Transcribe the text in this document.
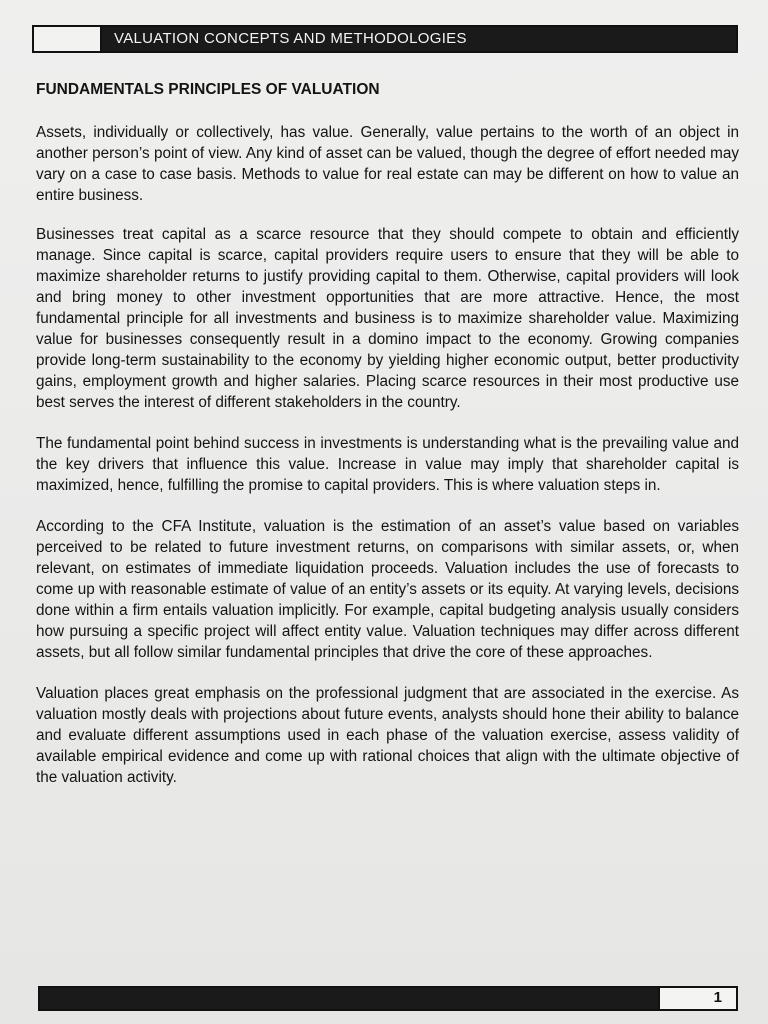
VALUATION CONCEPTS AND METHODOLOGIES
FUNDAMENTALS PRINCIPLES OF VALUATION

Assets, individually or collectively, has value. Generally, value pertains to the worth of an object in another person’s point of view. Any kind of asset can be valued, though the degree of effort needed may vary on a case to case basis. Methods to value for real estate can may be different on how to value an entire business.

Businesses treat capital as a scarce resource that they should compete to obtain and efficiently manage. Since capital is scarce, capital providers require users to ensure that they will be able to maximize shareholder returns to justify providing capital to them. Otherwise, capital providers will look and bring money to other investment opportunities that are more attractive. Hence, the most fundamental principle for all investments and business is to maximize shareholder value. Maximizing value for businesses consequently result in a domino impact to the economy. Growing companies provide long-term sustainability to the economy by yielding higher economic output, better productivity gains, employment growth and higher salaries. Placing scarce resources in their most productive use best serves the interest of different stakeholders in the country.

The fundamental point behind success in investments is understanding what is the prevailing value and the key drivers that influence this value. Increase in value may imply that shareholder capital is maximized, hence, fulfilling the promise to capital providers. This is where valuation steps in.

According to the CFA Institute, valuation is the estimation of an asset’s value based on variables perceived to be related to future investment returns, on comparisons with similar assets, or, when relevant, on estimates of immediate liquidation proceeds. Valuation includes the use of forecasts to come up with reasonable estimate of value of an entity’s assets or its equity. At varying levels, decisions done within a firm entails valuation implicitly. For example, capital budgeting analysis usually considers how pursuing a specific project will affect entity value. Valuation techniques may differ across different assets, but all follow similar fundamental principles that drive the core of these approaches.

Valuation places great emphasis on the professional judgment that are associated in the exercise. As valuation mostly deals with projections about future events, analysts should hone their ability to balance and evaluate different assumptions used in each phase of the valuation exercise, assess validity of available empirical evidence and come up with rational choices that align with the ultimate objective of the valuation activity.

1
